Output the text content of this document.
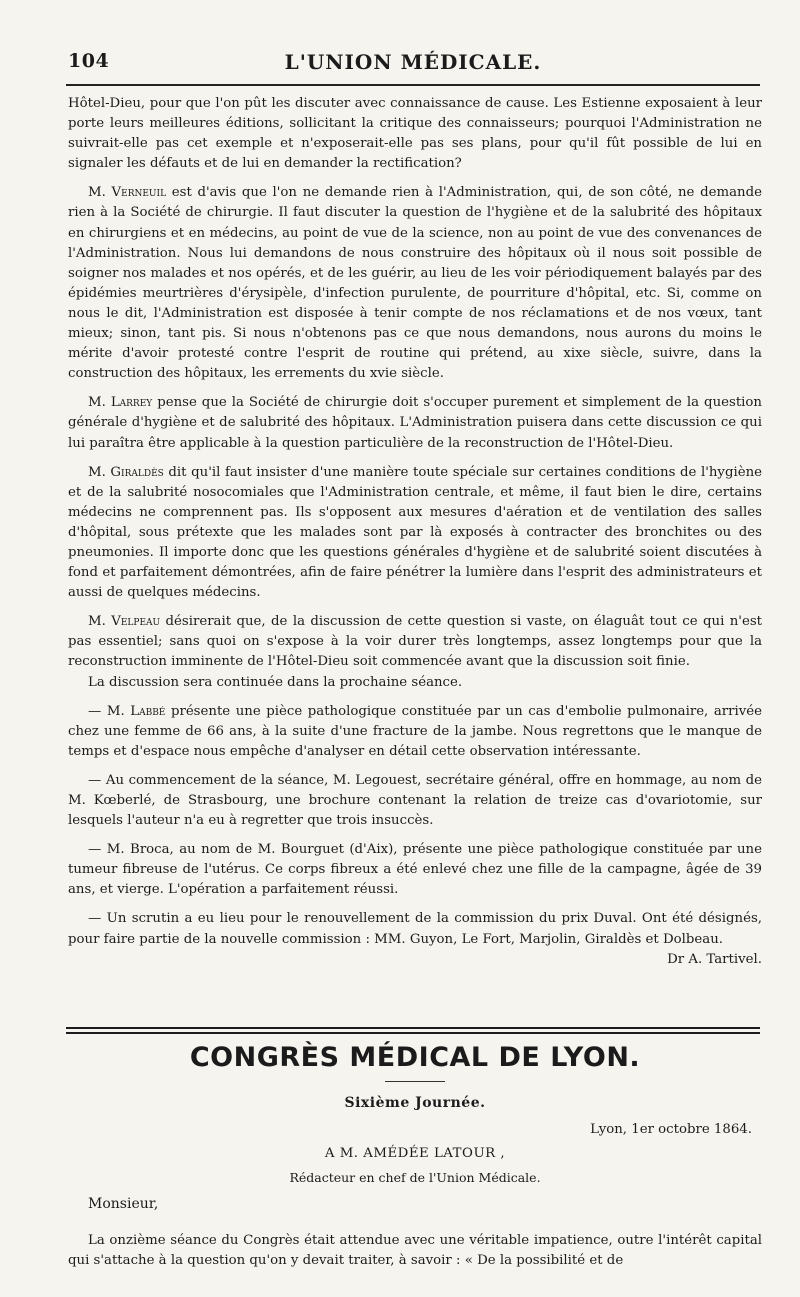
104	L'UNION MÉDICALE.

Hôtel-Dieu, pour que l'on pût les discuter avec connaissance de cause. Les Estienne exposaient à leur porte leurs meilleures éditions, sollicitant la critique des connaisseurs; pourquoi l'Administration ne suivrait-elle pas cet exemple et n'exposerait-elle pas ses plans, pour qu'il fût possible de lui en signaler les défauts et de lui en demander la rectification?

M. Verneuil est d'avis que l'on ne demande rien à l'Administration, qui, de son côté, ne demande rien à la Société de chirurgie. Il faut discuter la question de l'hygiène et de la salubrité des hôpitaux en chirurgiens et en médecins, au point de vue de la science, non au point de vue des convenances de l'Administration. Nous lui demandons de nous construire des hôpitaux où il nous soit possible de soigner nos malades et nos opérés, et de les guérir, au lieu de les voir périodiquement balayés par des épidémies meurtrières d'érysipèle, d'infection purulente, de pourriture d'hôpital, etc. Si, comme on nous le dit, l'Administration est disposée à tenir compte de nos réclamations et de nos vœux, tant mieux; sinon, tant pis. Si nous n'obtenons pas ce que nous demandons, nous aurons du moins le mérite d'avoir protesté contre l'esprit de routine qui prétend, au xixe siècle, suivre, dans la construction des hôpitaux, les errements du xvie siècle.

M. Larrey pense que la Société de chirurgie doit s'occuper purement et simplement de la question générale d'hygiène et de salubrité des hôpitaux. L'Administration puisera dans cette discussion ce qui lui paraîtra être applicable à la question particulière de la reconstruction de l'Hôtel-Dieu.

M. Giraldès dit qu'il faut insister d'une manière toute spéciale sur certaines conditions de l'hygiène et de la salubrité nosocomiales que l'Administration centrale, et même, il faut bien le dire, certains médecins ne comprennent pas. Ils s'opposent aux mesures d'aération et de ventilation des salles d'hôpital, sous prétexte que les malades sont par là exposés à contracter des bronchites ou des pneumonies. Il importe donc que les questions générales d'hygiène et de salubrité soient discutées à fond et parfaitement démontrées, afin de faire pénétrer la lumière dans l'esprit des administrateurs et aussi de quelques médecins.

M. Velpeau désirerait que, de la discussion de cette question si vaste, on élaguât tout ce qui n'est pas essentiel; sans quoi on s'expose à la voir durer très longtemps, assez longtemps pour que la reconstruction imminente de l'Hôtel-Dieu soit commencée avant que la discussion soit finie.

La discussion sera continuée dans la prochaine séance.

— M. Labbé présente une pièce pathologique constituée par un cas d'embolie pulmonaire, arrivée chez une femme de 66 ans, à la suite d'une fracture de la jambe. Nous regrettons que le manque de temps et d'espace nous empêche d'analyser en détail cette observation intéressante.

— Au commencement de la séance, M. Legouest, secrétaire général, offre en hommage, au nom de M. Kœberlé, de Strasbourg, une brochure contenant la relation de treize cas d'ovariotomie, sur lesquels l'auteur n'a eu à regretter que trois insuccès.

— M. Broca, au nom de M. Bourguet (d'Aix), présente une pièce pathologique constituée par une tumeur fibreuse de l'utérus. Ce corps fibreux a été enlevé chez une fille de la campagne, âgée de 39 ans, et vierge. L'opération a parfaitement réussi.

— Un scrutin a eu lieu pour le renouvellement de la commission du prix Duval. Ont été désignés, pour faire partie de la nouvelle commission : MM. Guyon, Le Fort, Marjolin, Giraldès et Dolbeau.
Dr A. Tartivel.

CONGRÈS MÉDICAL DE LYON.
Sixième Journée.
Lyon, 1er octobre 1864.
A M. AMÉDÉE LATOUR ,
Rédacteur en chef de l'Union Médicale.
Monsieur,

La onzième séance du Congrès était attendue avec une véritable impatience, outre l'intérêt capital qui s'attache à la question qu'on y devait traiter, à savoir : « De la possibilité et de
